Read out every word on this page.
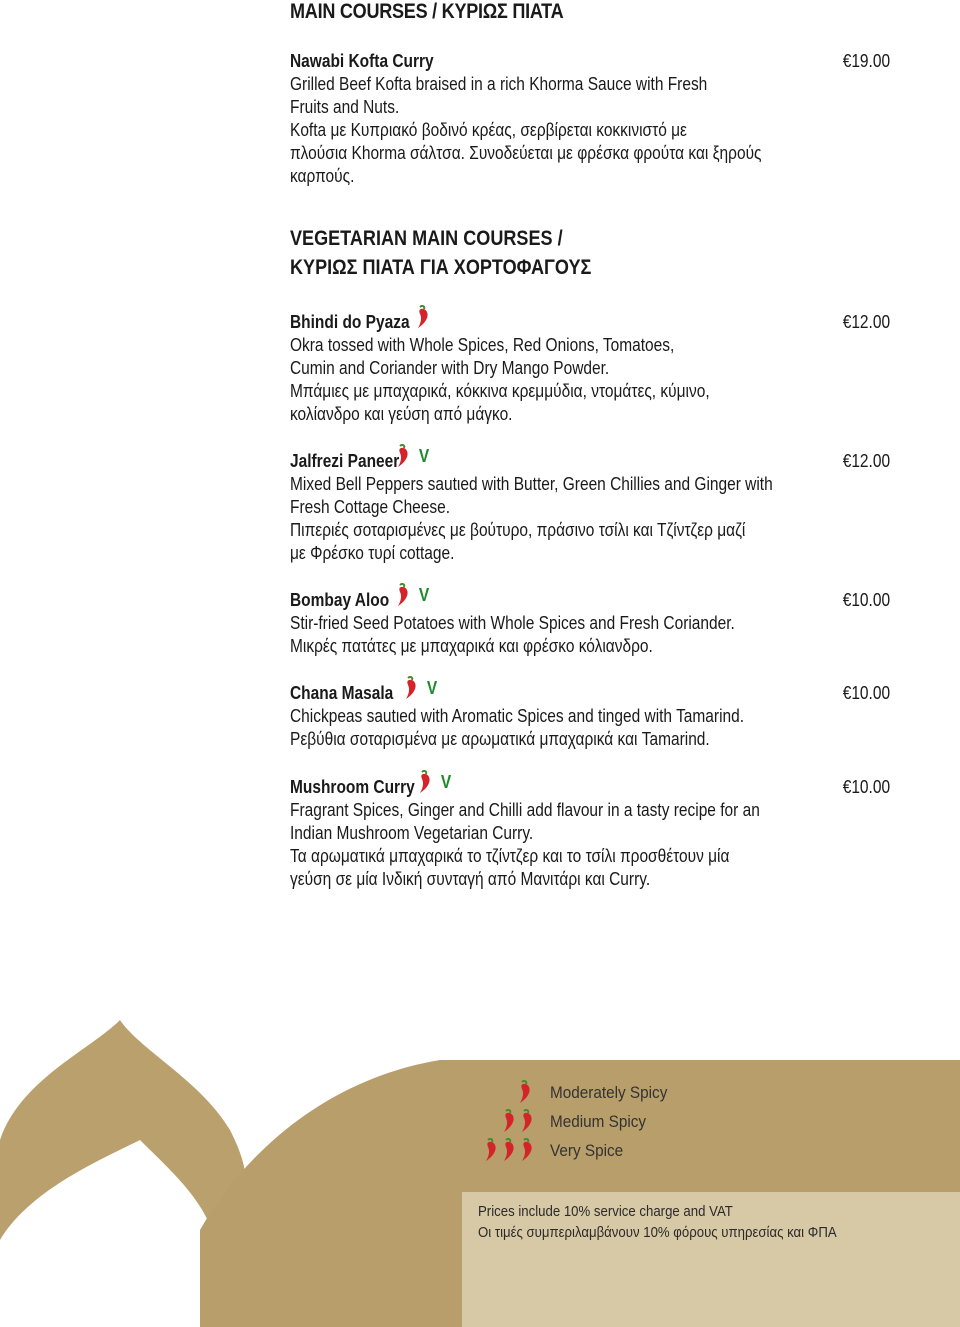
MAIN COURSES / ΚΥΡΙΩΣ ΠΙΑΤΑ
Nawabi Kofta Curry	€19.00
Grilled Beef Kofta braised in a rich Khorma Sauce with Fresh
Fruits and Nuts.
Kofta με Κυπριακό βοδινό κρέας, σερβίρεται κοκκινιστό με
πλούσια Khorma σάλτσα. Συνοδεύεται με φρέσκα φρούτα και ξηρούς
καρπούς.
VEGETARIAN MAIN COURSES /
ΚΥΡΙΩΣ ΠΙΑΤΑ ΓΙΑ ΧΟΡΤΟΦΑΓΟΥΣ
Bhindi do Pyaza	€12.00
Okra tossed with Whole Spices, Red Onions, Tomatoes,
Cumin and Coriander with Dry Mango Powder.
Μπάμιες με μπαχαρικά, κόκκινα κρεμμύδια, ντομάτες, κύμινο,
κολίανδρο και γεύση από μάγκο.
Jalfrezi Paneer V	€12.00
Mixed Bell Peppers sautιed with Butter, Green Chillies and Ginger with
Fresh Cottage Cheese.
Πιπεριές σοταρισμένες με βούτυρο, πράσινο τσίλι και Τζίντζερ μαζί
με Φρέσκο τυρί cottage.
Bombay Aloo V	€10.00
Stir-fried Seed Potatoes with Whole Spices and Fresh Coriander.
Μικρές πατάτες με μπαχαρικά και φρέσκο κόλιανδρο.
Chana Masala V	€10.00
Chickpeas sautιed with Aromatic Spices and tinged with Tamarind.
Ρεβύθια σοταρισμένα με αρωματικά μπαχαρικά και Tamarind.
Mushroom Curry V	€10.00
Fragrant Spices, Ginger and Chilli add flavour in a tasty recipe for an
Indian Mushroom Vegetarian Curry.
Τα αρωματικά μπαχαρικά το τζίντζερ και το τσίλι προσθέτουν μία
γεύση σε μία Ινδική συνταγή από Μανιτάρι και Curry.
Moderately Spicy
Medium Spicy
Very Spice
Prices include 10% service charge and VAT
Οι τιμές συμπεριλαμβάνουν 10% φόρους υπηρεσίας και ΦΠΑ
